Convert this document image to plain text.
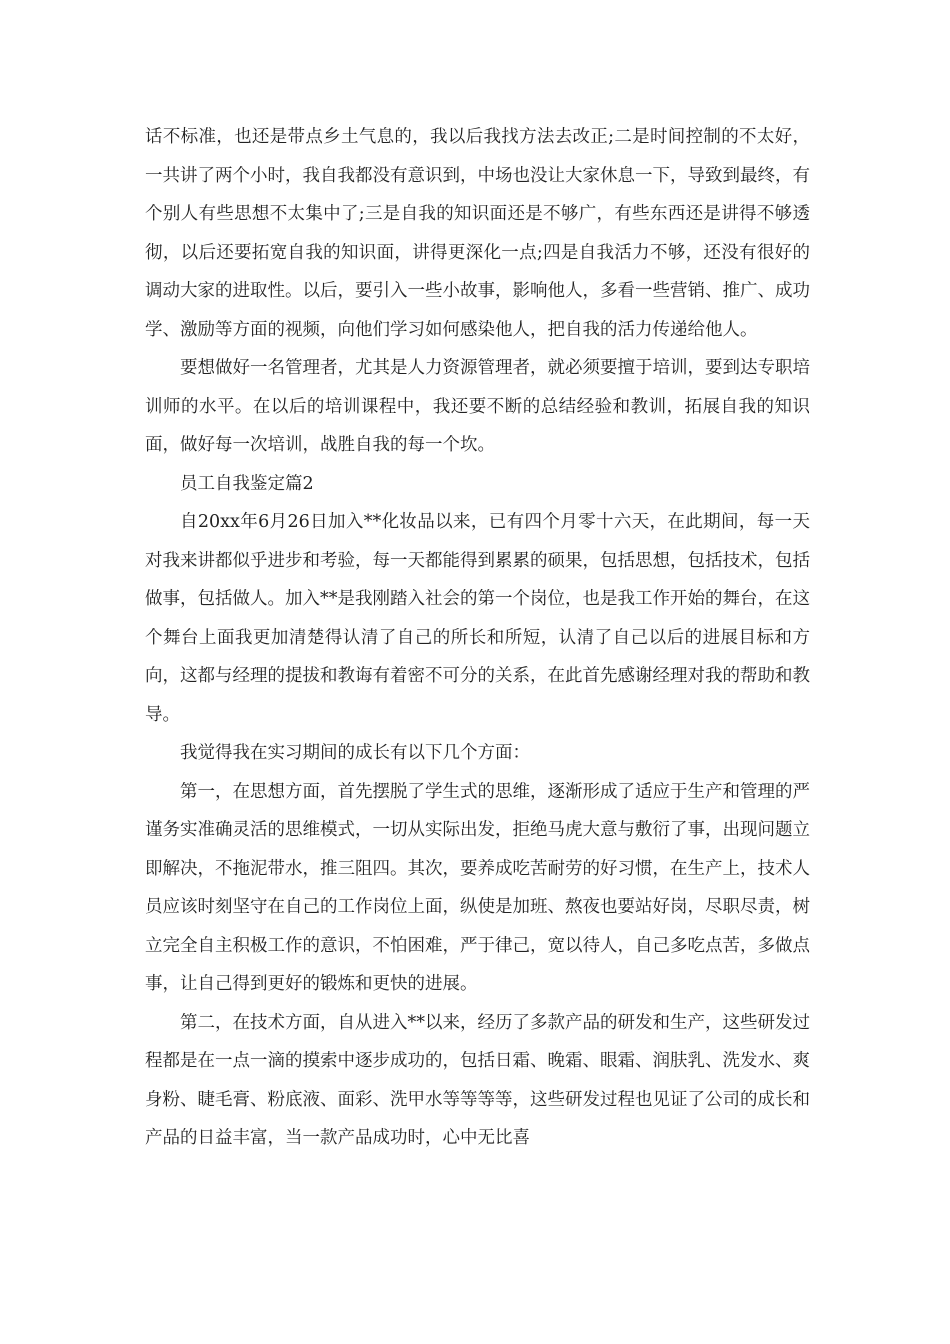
话不标准，也还是带点乡土气息的，我以后我找方法去改正;二是时间控制的不太好，一共讲了两个小时，我自我都没有意识到，中场也没让大家休息一下，导致到最终，有个别人有些思想不太集中了;三是自我的知识面还是不够广，有些东西还是讲得不够透彻，以后还要拓宽自我的知识面，讲得更深化一点;四是自我活力不够，还没有很好的调动大家的进取性。以后，要引入一些小故事，影响他人，多看一些营销、推广、成功学、激励等方面的视频，向他们学习如何感染他人，把自我的活力传递给他人。

要想做好一名管理者，尤其是人力资源管理者，就必须要擅于培训，要到达专职培训师的水平。在以后的培训课程中，我还要不断的总结经验和教训，拓展自我的知识面，做好每一次培训，战胜自我的每一个坎。

员工自我鉴定篇2

自20xx年6月26日加入**化妆品以来，已有四个月零十六天，在此期间，每一天对我来讲都似乎进步和考验，每一天都能得到累累的硕果，包括思想，包括技术，包括做事，包括做人。加入**是我刚踏入社会的第一个岗位，也是我工作开始的舞台，在这个舞台上面我更加清楚得认清了自己的所长和所短，认清了自己以后的进展目标和方向，这都与经理的提拔和教诲有着密不可分的关系，在此首先感谢经理对我的帮助和教导。

我觉得我在实习期间的成长有以下几个方面：

第一，在思想方面，首先摆脱了学生式的思维，逐渐形成了适应于生产和管理的严谨务实准确灵活的思维模式，一切从实际出发，拒绝马虎大意与敷衍了事，出现问题立即解决，不拖泥带水，推三阻四。其次，要养成吃苦耐劳的好习惯，在生产上，技术人员应该时刻坚守在自己的工作岗位上面，纵使是加班、熬夜也要站好岗，尽职尽责，树立完全自主积极工作的意识，不怕困难，严于律己，宽以待人，自己多吃点苦，多做点事，让自己得到更好的锻炼和更快的进展。

第二，在技术方面，自从进入**以来，经历了多款产品的研发和生产，这些研发过程都是在一点一滴的摸索中逐步成功的，包括日霜、晚霜、眼霜、润肤乳、洗发水、爽身粉、睫毛膏、粉底液、面彩、洗甲水等等等等，这些研发过程也见证了公司的成长和产品的日益丰富，当一款产品成功时，心中无比喜
